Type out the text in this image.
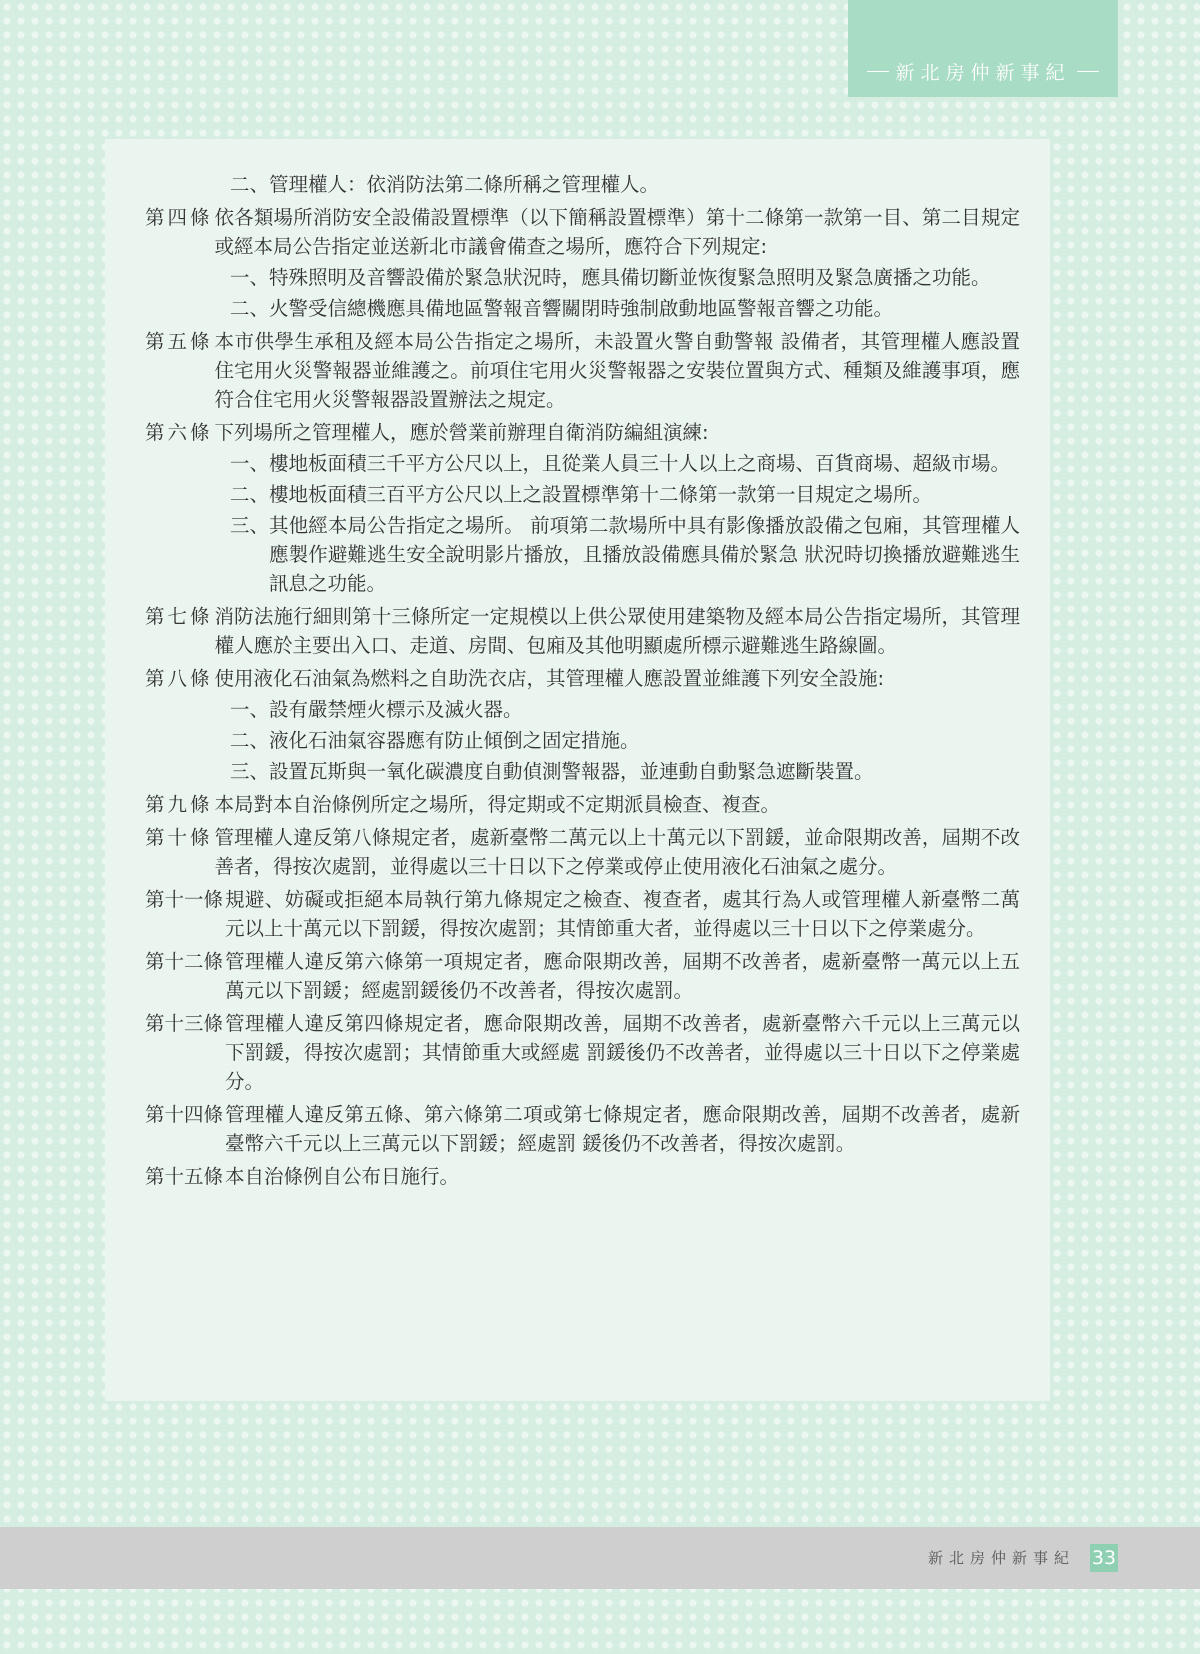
新北房仲新事紀
二、管理權人：依消防法第二條所稱之管理權人。
第四條 依各類場所消防安全設備設置標準（以下簡稱設置標準）第十二條第一款第一目、第二目規定或經本局公告指定並送新北市議會備查之場所，應符合下列規定:
一、 特殊照明及音響設備於緊急狀況時，應具備切斷並恢復緊急照明及緊急廣播之功能。
二、 火警受信總機應具備地區警報音響關閉時強制啟動地區警報音響之功能。
第五條 本市供學生承租及經本局公告指定之場所，未設置火警自動警報 設備者，其管理權人應設置住宅用火災警報器並維護之。前項住宅用火災警報器之安裝位置與方式、種類及維護事項，應符合住宅用火災警報器設置辦法之規定。
第六條 下列場所之管理權人，應於營業前辦理自衛消防編組演練:
一、 樓地板面積三千平方公尺以上，且從業人員三十人以上之商場、百貨商場、超級市場。
二、 樓地板面積三百平方公尺以上之設置標準第十二條第一款第一目規定之場所。
三、 其他經本局公告指定之場所。 前項第二款場所中具有影像播放設備之包廂，其管理權人 應製作避難逃生安全說明影片播放，且播放設備應具備於緊急 狀況時切換播放避難逃生訊息之功能。
第七條 消防法施行細則第十三條所定一定規模以上供公眾使用建築物及經本局公告指定場所，其管理權人應於主要出入口、走道、房間、包廂及其他明顯處所標示避難逃生路線圖。
第八條 使用液化石油氣為燃料之自助洗衣店，其管理權人應設置並維護下列安全設施:
一、 設有嚴禁煙火標示及滅火器。
二、 液化石油氣容器應有防止傾倒之固定措施。
三、 設置瓦斯與一氧化碳濃度自動偵測警報器，並連動自動緊急遮斷裝置。
第九條 本局對本自治條例所定之場所，得定期或不定期派員檢查、複查。
第十條 管理權人違反第八條規定者，處新臺幣二萬元以上十萬元以下罰鍰，並命限期改善，屆期不改善者，得按次處罰，並得處以三十日以下之停業或停止使用液化石油氣之處分。
第十一條 規避、妨礙或拒絕本局執行第九條規定之檢查、複查者，處其行為人或管理權人新臺幣二萬元以上十萬元以下罰鍰，得按次處罰；其情節重大者，並得處以三十日以下之停業處分。
第十二條 管理權人違反第六條第一項規定者，應命限期改善，屆期不改善者，處新臺幣一萬元以上五萬元以下罰鍰；經處罰鍰後仍不改善者，得按次處罰。
第十三條 管理權人違反第四條規定者，應命限期改善，屆期不改善者，處新臺幣六千元以上三萬元以下罰鍰，得按次處罰；其情節重大或經處 罰鍰後仍不改善者，並得處以三十日以下之停業處分。
第十四條 管理權人違反第五條、第六條第二項或第七條規定者，應命限期改善，屆期不改善者，處新臺幣六千元以上三萬元以下罰鍰；經處罰 鍰後仍不改善者，得按次處罰。
第十五條 本自治條例自公布日施行。
新北房仲新事紀 33
